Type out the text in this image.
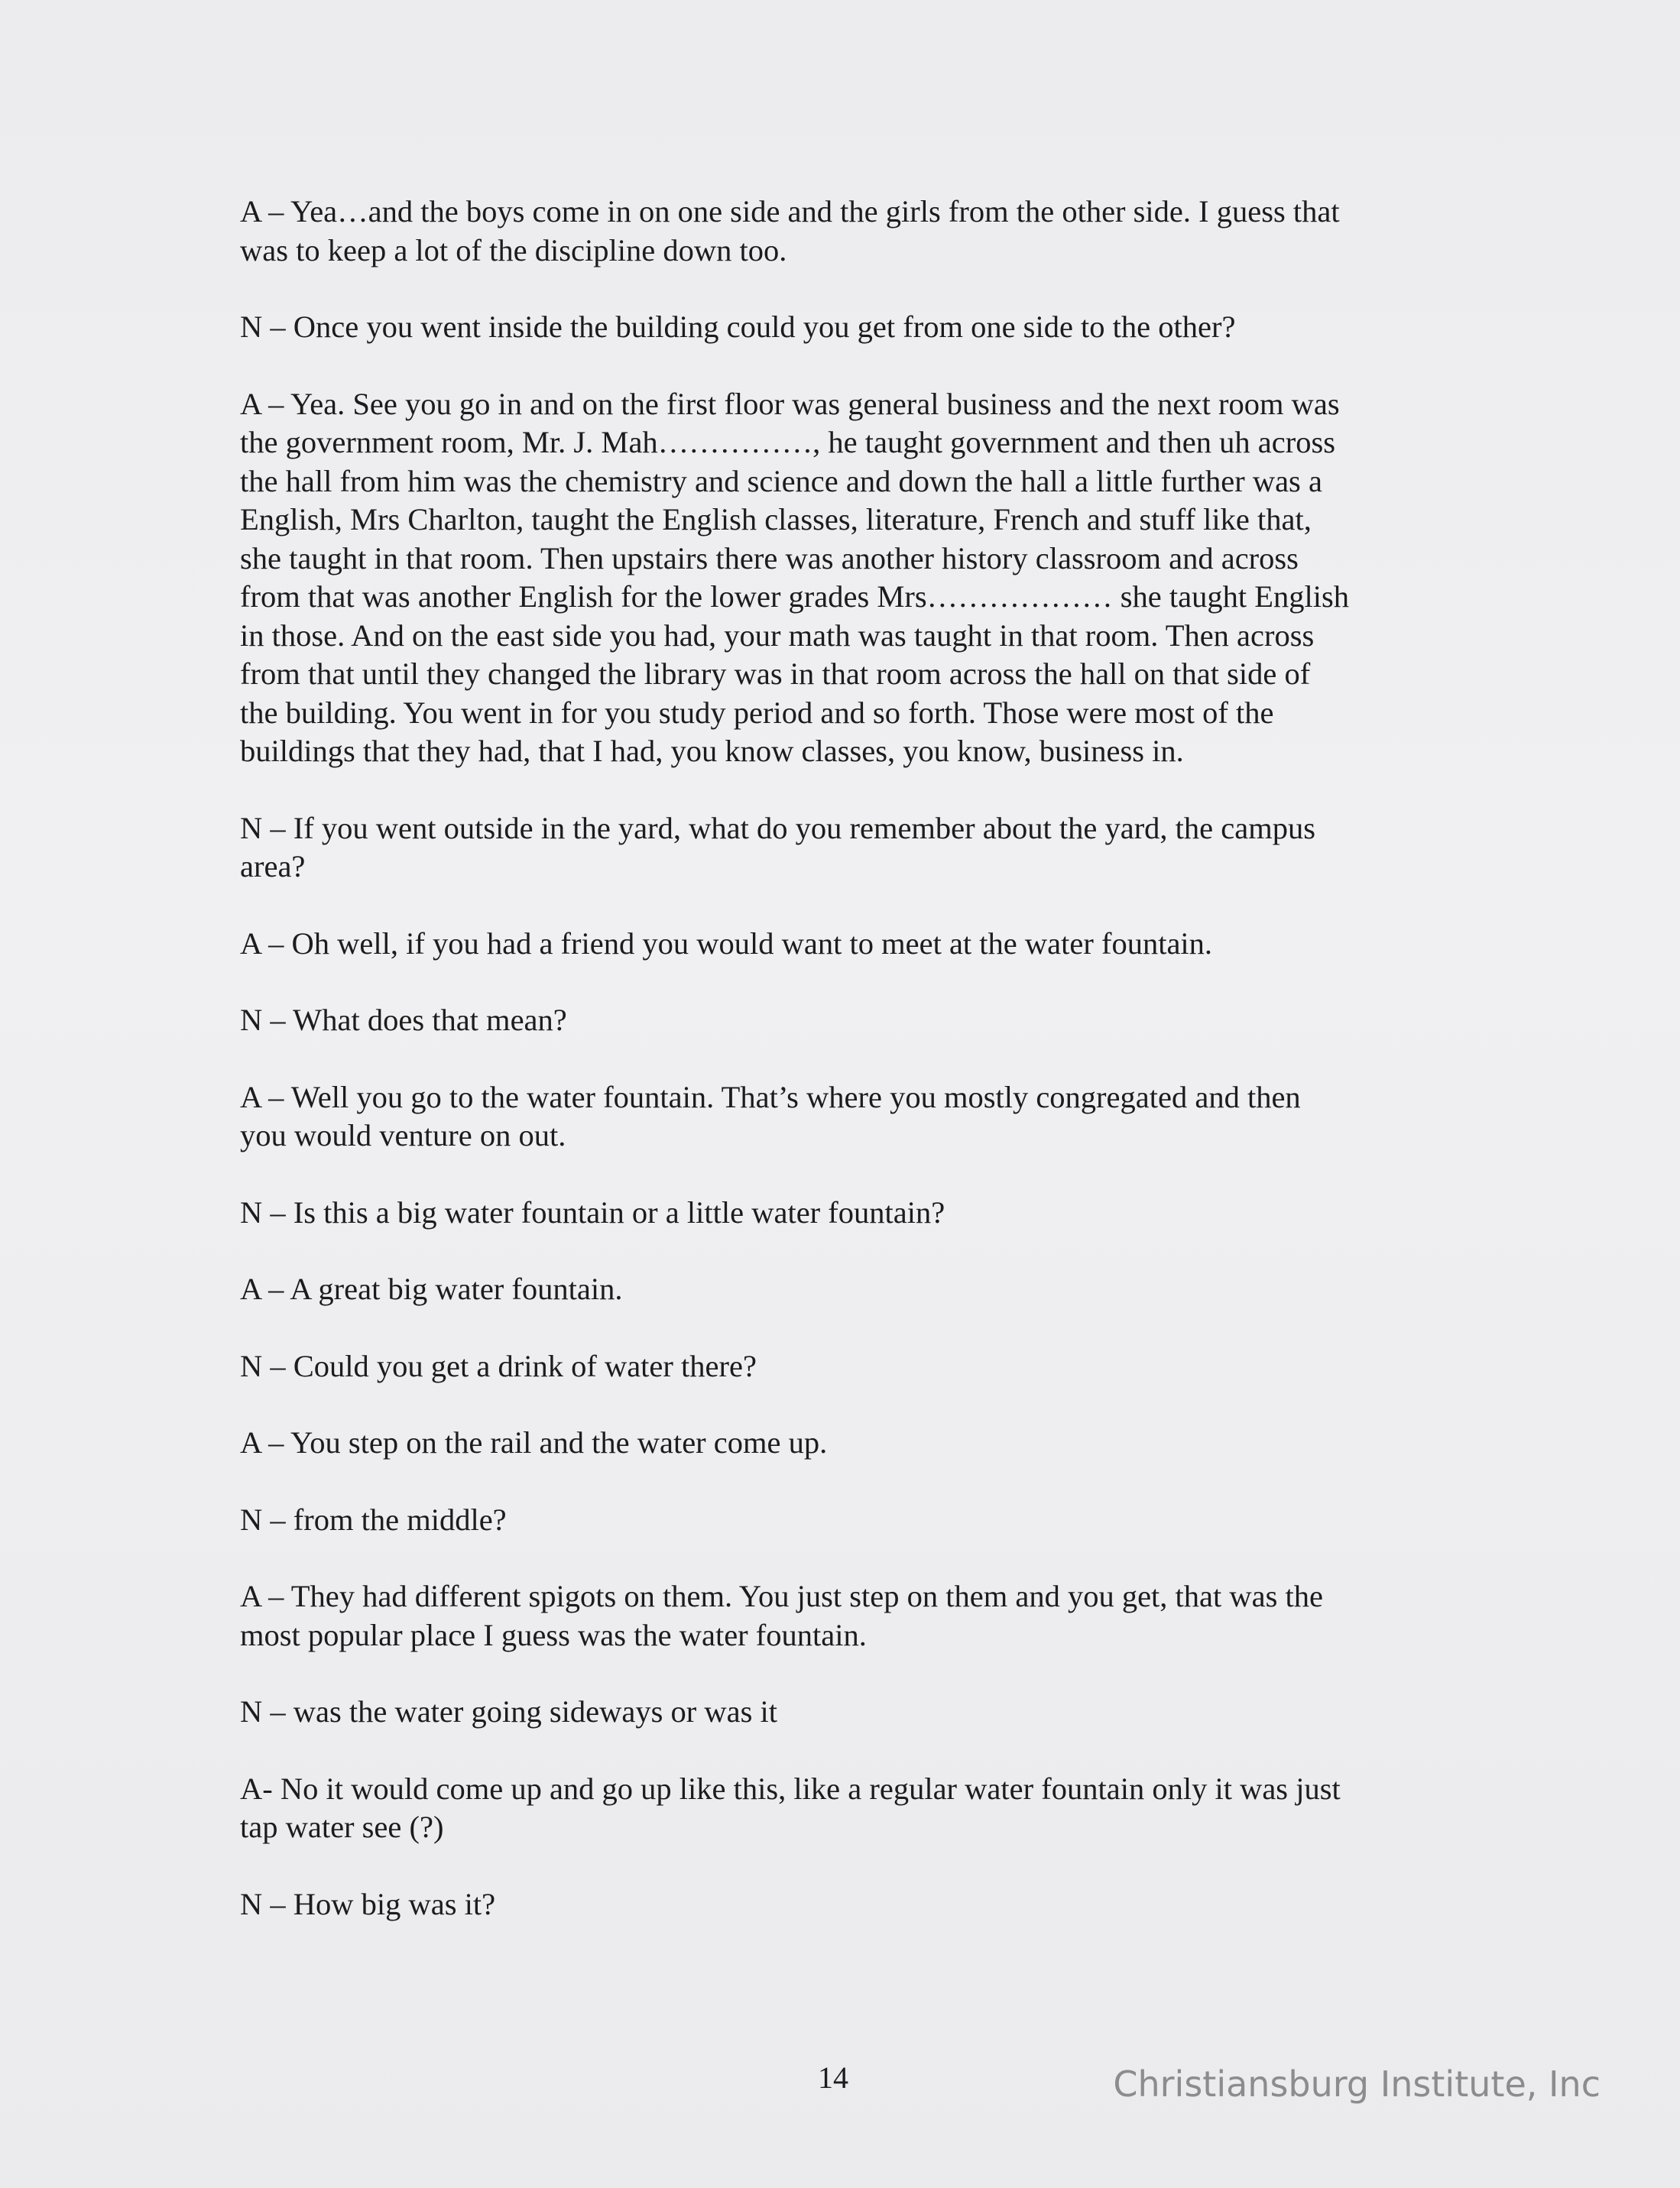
A – Yea…and the boys come in on one side and the girls from the other side. I guess that
was to keep a lot of the discipline down too.

N – Once you went inside the building could you get from one side to the other?

A – Yea. See you go in and on the first floor was general business and the next room was
the government room, Mr. J. Mah……………, he taught government and then uh across
the hall from him was the chemistry and science and down the hall a little further was a
English, Mrs Charlton, taught the English classes, literature, French and stuff like that,
she taught in that room. Then upstairs there was another history classroom and across
from that was another English for the lower grades Mrs……………… she taught English
in those. And on the east side you had, your math was taught in that room. Then across
from that until they changed the library was in that room across the hall on that side of
the building. You went in for you study period and so forth. Those were most of the
buildings that they had, that I had, you know classes, you know, business in.

N – If you went outside in the yard, what do you remember about the yard, the campus
area?

A – Oh well, if you had a friend you would want to meet at the water fountain.

N – What does that mean?

A – Well you go to the water fountain. That’s where you mostly congregated and then
you would venture on out.

N – Is this a big water fountain or a little water fountain?

A – A great big water fountain.

N – Could you get a drink of water there?

A – You step on the rail and the water come up.

N – from the middle?

A – They had different spigots on them. You just step on them and you get, that was the
most popular place I guess was the water fountain.

N – was the water going sideways or was it

A- No it would come up and go up like this, like a regular water fountain only it was just
tap water see (?)

N – How big was it?

14	Christiansburg Institute, Inc
